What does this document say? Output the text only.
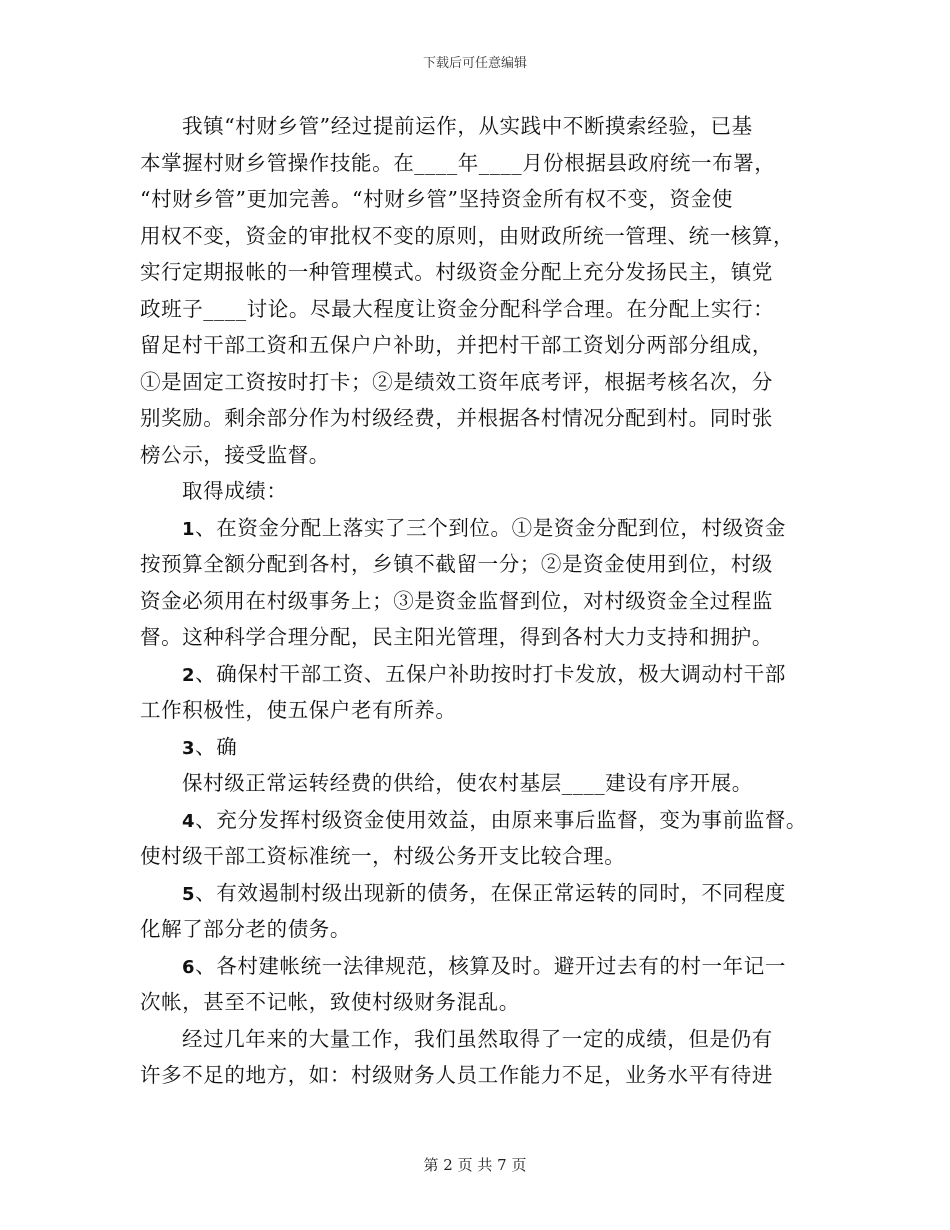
下载后可任意编辑
我镇“村财乡管”经过提前运作，从实践中不断摸索经验，已基
本掌握村财乡管操作技能。在____年____月份根据县政府统一布署，
“村财乡管”更加完善。“村财乡管”坚持资金所有权不变，资金使
用权不变，资金的审批权不变的原则，由财政所统一管理、统一核算，
实行定期报帐的一种管理模式。村级资金分配上充分发扬民主，镇党
政班子____讨论。尽最大程度让资金分配科学合理。在分配上实行：
留足村干部工资和五保户户补助，并把村干部工资划分两部分组成，
①是固定工资按时打卡；②是绩效工资年底考评，根据考核名次，分
别奖励。剩余部分作为村级经费，并根据各村情况分配到村。同时张
榜公示，接受监督。
取得成绩：
1、在资金分配上落实了三个到位。①是资金分配到位，村级资金
按预算全额分配到各村，乡镇不截留一分；②是资金使用到位，村级
资金必须用在村级事务上；③是资金监督到位，对村级资金全过程监
督。这种科学合理分配，民主阳光管理，得到各村大力支持和拥护。
2、确保村干部工资、五保户补助按时打卡发放，极大调动村干部
工作积极性，使五保户老有所养。
3、确
保村级正常运转经费的供给，使农村基层____建设有序开展。
4、充分发挥村级资金使用效益，由原来事后监督，变为事前监督。
使村级干部工资标准统一，村级公务开支比较合理。
5、有效遏制村级出现新的债务，在保正常运转的同时，不同程度
化解了部分老的债务。
6、各村建帐统一法律规范，核算及时。避开过去有的村一年记一
次帐，甚至不记帐，致使村级财务混乱。
经过几年来的大量工作，我们虽然取得了一定的成绩，但是仍有
许多不足的地方，如：村级财务人员工作能力不足，业务水平有待进
第 2 页 共 7 页
